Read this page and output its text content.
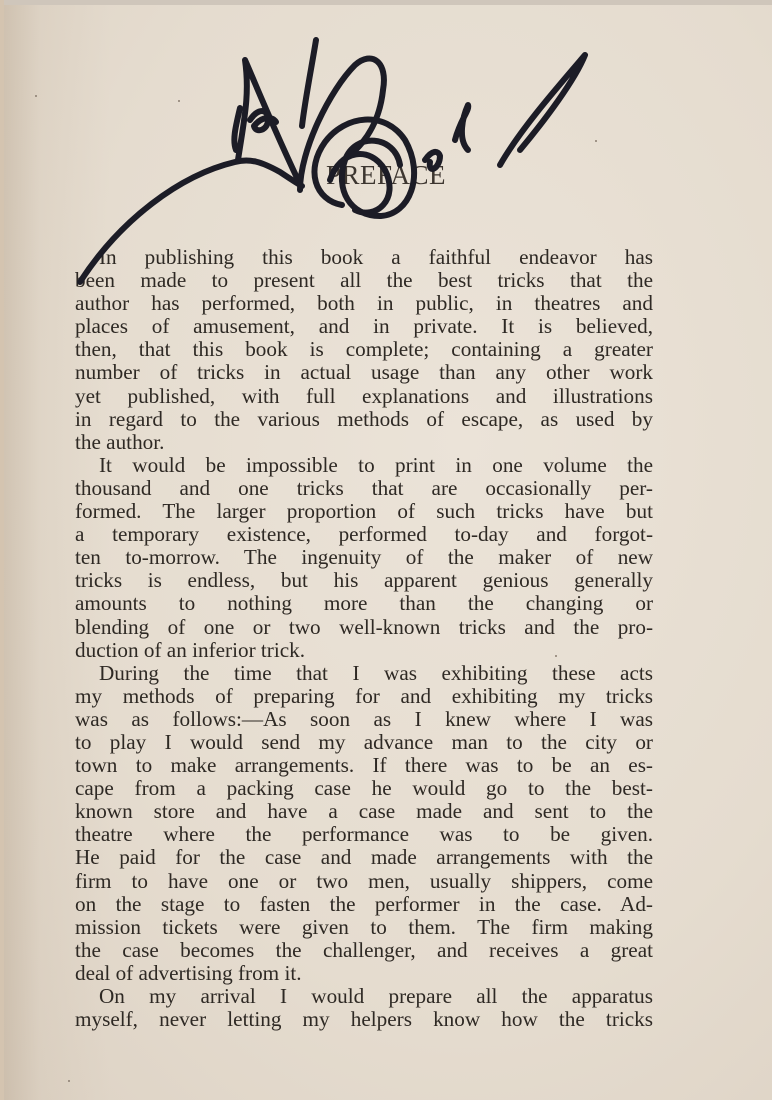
PREFACE
In publishing this book a faithful endeavor has
been made to present all the best tricks that the
author has performed, both in public, in theatres and
places of amusement, and in private. It is believed,
then, that this book is complete; containing a greater
number of tricks in actual usage than any other work
yet published, with full explanations and illustrations
in regard to the various methods of escape, as used by
the author.
It would be impossible to print in one volume the
thousand and one tricks that are occasionally per-
formed. The larger proportion of such tricks have but
a temporary existence, performed to-day and forgot-
ten to-morrow. The ingenuity of the maker of new
tricks is endless, but his apparent genious generally
amounts to nothing more than the changing or
blending of one or two well-known tricks and the pro-
duction of an inferior trick.
During the time that I was exhibiting these acts
my methods of preparing for and exhibiting my tricks
was as follows:—As soon as I knew where I was
to play I would send my advance man to the city or
town to make arrangements. If there was to be an es-
cape from a packing case he would go to the best-
known store and have a case made and sent to the
theatre where the performance was to be given.
He paid for the case and made arrangements with the
firm to have one or two men, usually shippers, come
on the stage to fasten the performer in the case. Ad-
mission tickets were given to them. The firm making
the case becomes the challenger, and receives a great
deal of advertising from it.
On my arrival I would prepare all the apparatus
myself, never letting my helpers know how the tricks
